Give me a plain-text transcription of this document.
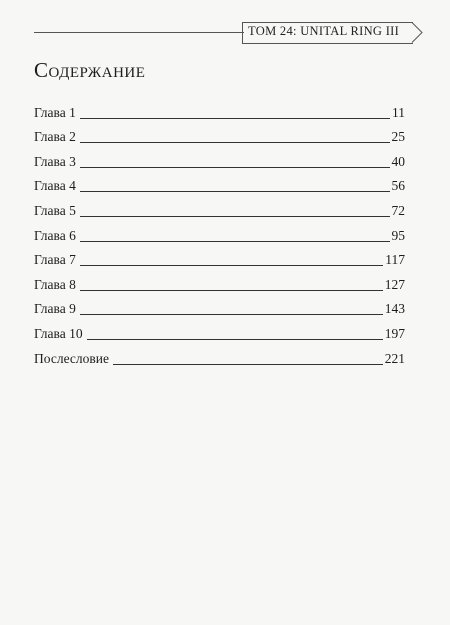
ТОМ 24: UNITAL RING III
Содержание
Глава 1	11
Глава 2	25
Глава 3	40
Глава 4	56
Глава 5	72
Глава 6	95
Глава 7	117
Глава 8	127
Глава 9	143
Глава 10	197
Послесловие	221
